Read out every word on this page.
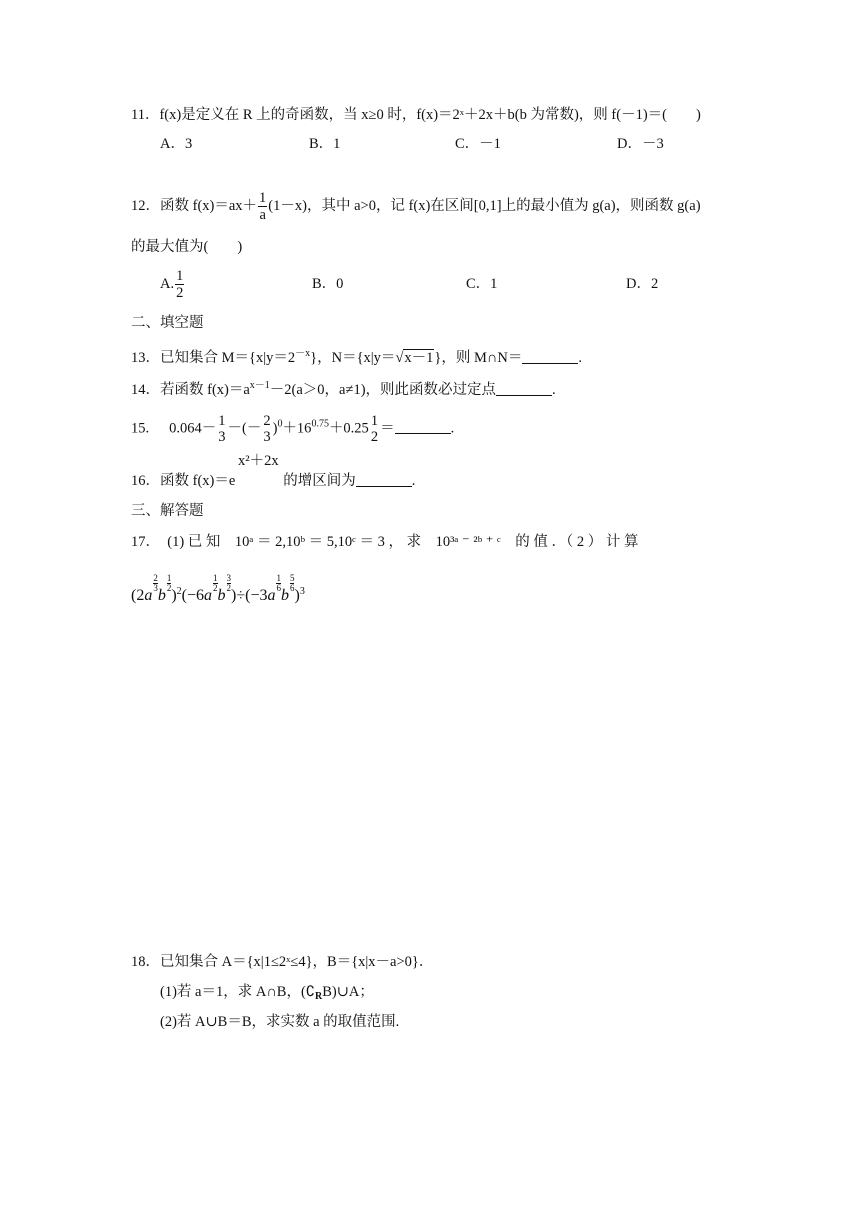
11．f(x)是定义在 R 上的奇函数，当 x≥0 时，f(x)＝2ˣ＋2x＋b(b 为常数)，则 f(－1)＝(　　)
A．3	B．1	C．－1	D．－3
12．函数 $f(x)=ax+ \frac{1}{a} (1-x)$，其中 a>0，记 f(x)在区间[0,1]上的最小值为 g(a)，则函数 g(a)
的最大值为(　　)
A. $\frac{1}{2}$	B．0	C．1	D．2
二、填空题
13．已知集合 $M=\{x|y=2^{-x}\}$，N＝{x|y＝√x－1}，则 M∩N＝	.
14．若函数 $f(x)=a^{x-1}-2(a>0$，a≠1)，则此函数必过定点	.
15. 0.064－ 1
3
－(－ 2
3
)$^0+16^{0.75}+0.25$ 1
2
＝	.
x²＋2x
16．函数 f(x)＝e	的增区间为	.
三、解答题
17．　(1) 已 知　10ᵃ ＝ 2,10ᵇ ＝ 5,10ᶜ ＝ 3 ， 求　10³ᵃ ⁻ ²ᵇ ⁺ ᶜ　的 值 ．（ 2 ） 计 算
(2a
$\frac{2}{3}$
b
$\frac{1}{2}$
)$^2$(−6a
$\frac{1}{2}$
b
$\frac{3}{2}$
)÷(−3a
$\frac{1}{6}$
b
$\frac{5}{6}$
)$^3$
18．已知集合 A＝{x|1≤2ˣ≤4}，B＝{x|x－a>0}．
(1)若 a＝1，求 A∩B，$(∁_RB)\cup A$；
(2)若 A∪B＝B，求实数 a 的取值范围.
